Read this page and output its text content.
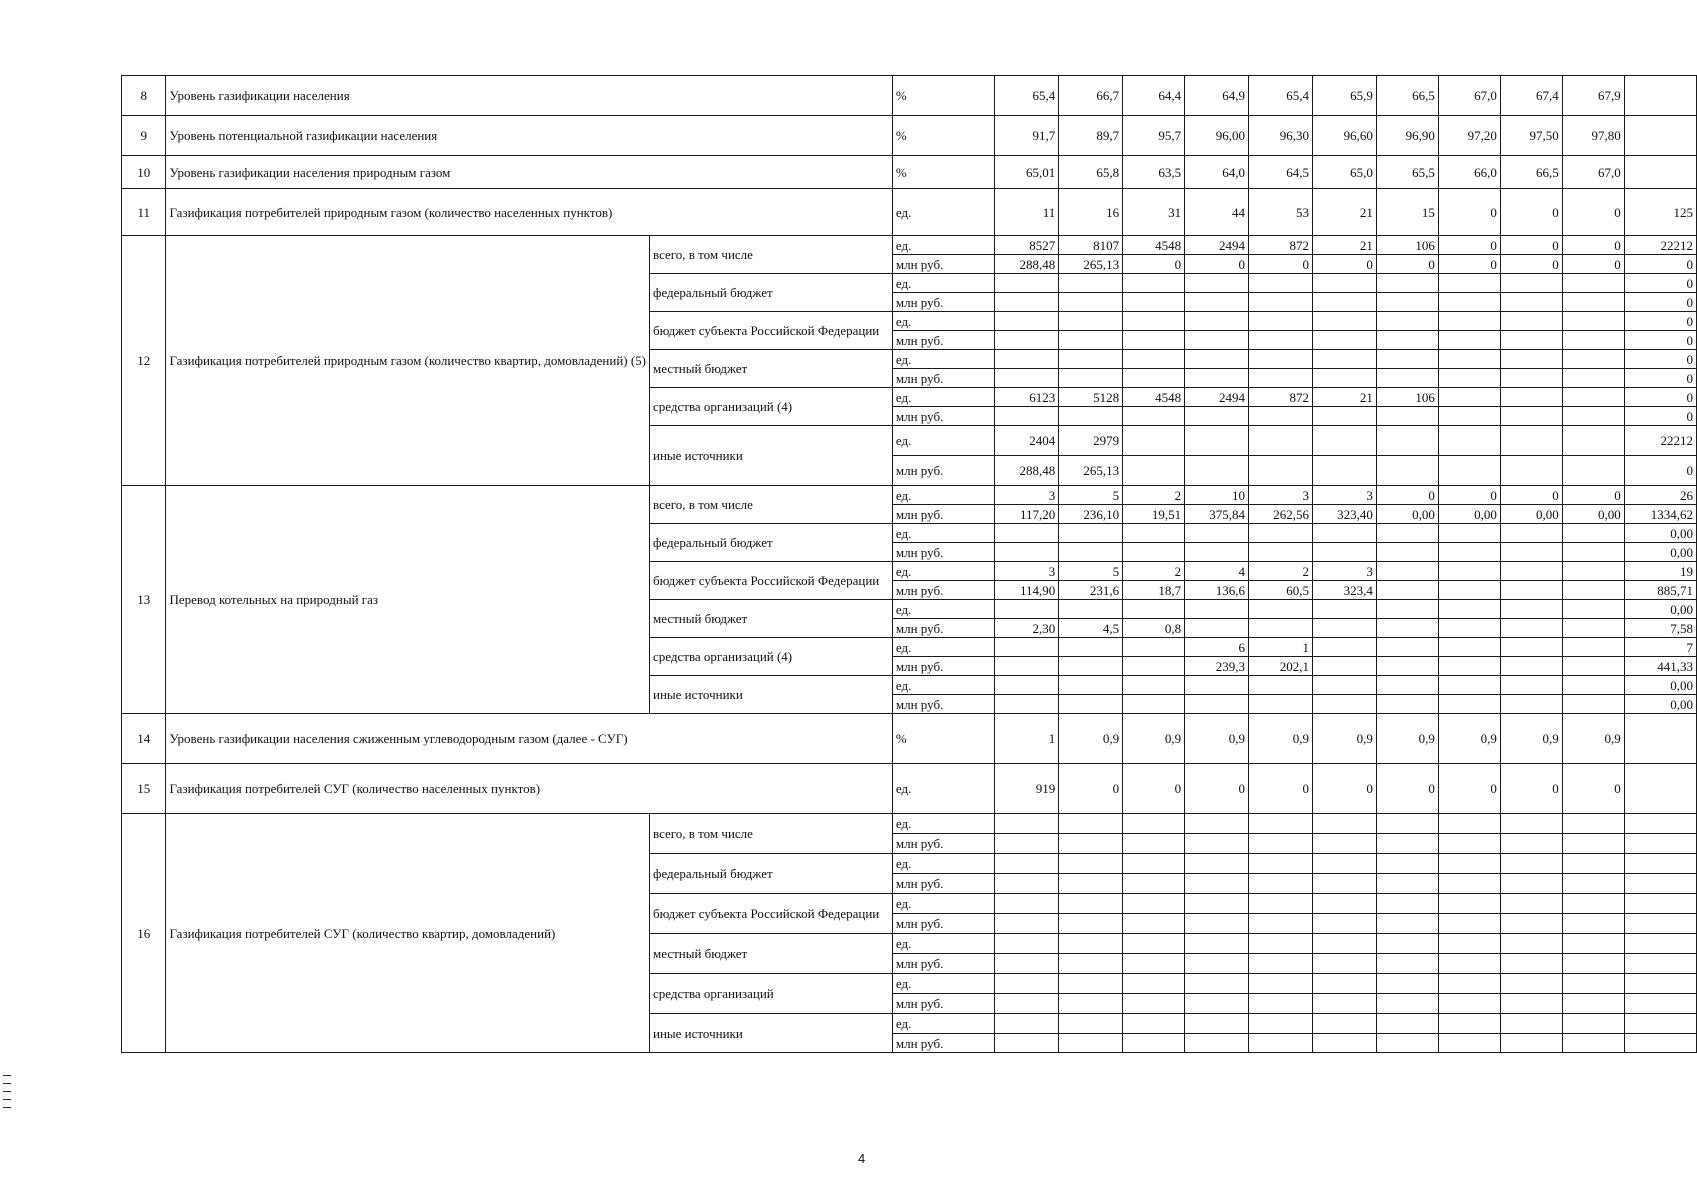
8	Уровень газификации населения		%	65,4	66,7	64,4	64,9	65,4	65,9	66,5	67,0	67,4	67,9	
9	Уровень потенциальной газификации населения		%	91,7	89,7	95,7	96,00	96,30	96,60	96,90	97,20	97,50	97,80	
10	Уровень газификации населения природным газом		%	65,01	65,8	63,5	64,0	64,5	65,0	65,5	66,0	66,5	67,0	
11	Газификация потребителей природным газом (количество населенных пунктов)		ед.	11	16	31	44	53	21	15	0	0	0	125
12	Газификация потребителей природным газом (количество квартир, домовладений) (5)	всего, в том числе	ед.	8527	8107	4548	2494	872	21	106	0	0	0	22212
			млн руб.	288,48	265,13	0	0	0	0	0	0	0	0	0
		федеральный бюджет	ед.											0
			млн руб.											0
		бюджет субъекта Российской Федерации	ед.											0
			млн руб.											0
		местный бюджет	ед.											0
			млн руб.											0
		средства организаций (4)	ед.	6123	5128	4548	2494	872	21	106				0
			млн руб.											0
		иные источники	ед.	2404	2979									22212
			млн руб.	288,48	265,13									0
13	Перевод котельных на природный газ	всего, в том числе	ед.	3	5	2	10	3	3	0	0	0	0	26
			млн руб.	117,20	236,10	19,51	375,84	262,56	323,40	0,00	0,00	0,00	0,00	1334,62
		федеральный бюджет	ед.											0,00
			млн руб.											0,00
		бюджет субъекта Российской Федерации	ед.	3	5	2	4	2	3					19
			млн руб.	114,90	231,6	18,7	136,6	60,5	323,4					885,71
		местный бюджет	ед.											0,00
			млн руб.	2,30	4,5	0,8								7,58
		средства организаций (4)	ед.				6	1						7
			млн руб.				239,3	202,1						441,33
		иные источники	ед.											0,00
			млн руб.											0,00
14	Уровень газификации населения сжиженным углеводородным газом (далее - СУГ)		%	1	0,9	0,9	0,9	0,9	0,9	0,9	0,9	0,9	0,9	
15	Газификация потребителей СУГ (количество населенных пунктов)		ед.	919	0	0	0	0	0	0	0	0	0	
16	Газификация потребителей СУГ (количество квартир, домовладений)	всего, в том числе	ед.											
			млн руб.											
		федеральный бюджет	ед.											
			млн руб.											
		бюджет субъекта Российской Федерации	ед.											
			млн руб.											
		местный бюджет	ед.											
			млн руб.											
		средства организаций	ед.											
			млн руб.											
		иные источники	ед.											
			млн руб.											
4
